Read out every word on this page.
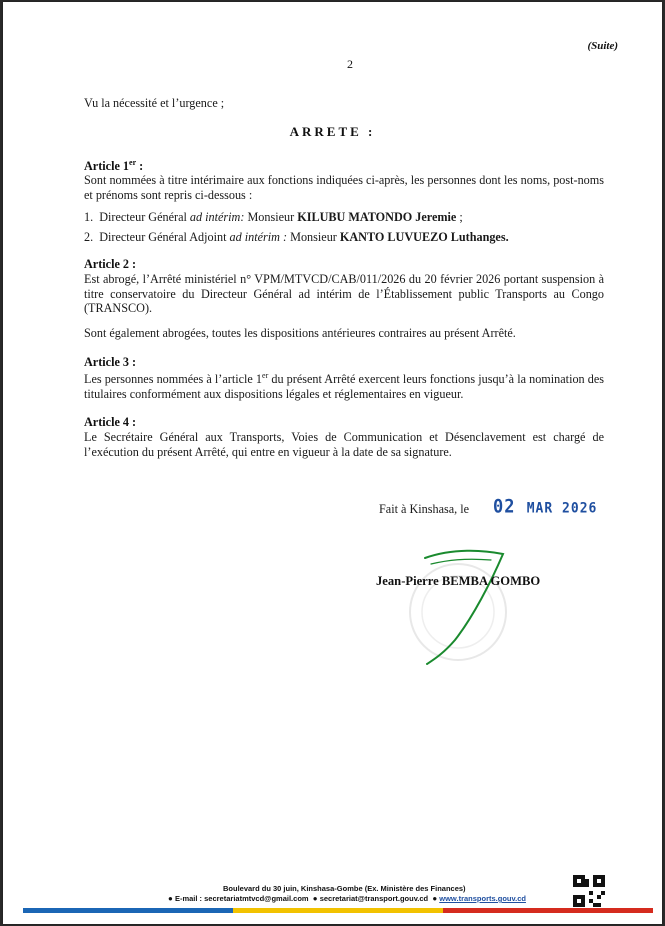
(Suite)
2
Vu la nécessité et l’urgence ;
ARRETE :
Article 1er :
Sont nommées à titre intérimaire aux fonctions indiquées ci-après, les personnes dont les noms, post-noms et prénoms sont repris ci-dessous :
1. Directeur Général ad intérim: Monsieur KILUBU MATONDO Jeremie ;
2. Directeur Général Adjoint ad intérim : Monsieur KANTO LUVUEZO Luthanges.
Article 2 :
Est abrogé, l’Arrêté ministériel n° VPM/MTVCD/CAB/011/2026 du 20 février 2026 portant suspension à titre conservatoire du Directeur Général ad intérim de l’Établissement public Transports au Congo (TRANSCO).
Sont également abrogées, toutes les dispositions antérieures contraires au présent Arrêté.
Article 3 :
Les personnes nommées à l’article 1er du présent Arrêté exercent leurs fonctions jusqu’à la nomination des titulaires conformément aux dispositions légales et réglementaires en vigueur.
Article 4 :
Le Secrétaire Général aux Transports, Voies de Communication et Désenclavement est chargé de l’exécution du présent Arrêté, qui entre en vigueur à la date de sa signature.
Fait à Kinshasa, le 02 MAR 2026
Jean-Pierre BEMBA GOMBO
Boulevard du 30 juin, Kinshasa-Gombe (Ex. Ministère des Finances)
● E-mail : secretariatmtvcd@gmail.com ● secretariat@transport.gouv.cd ● www.transports.gouv.cd
